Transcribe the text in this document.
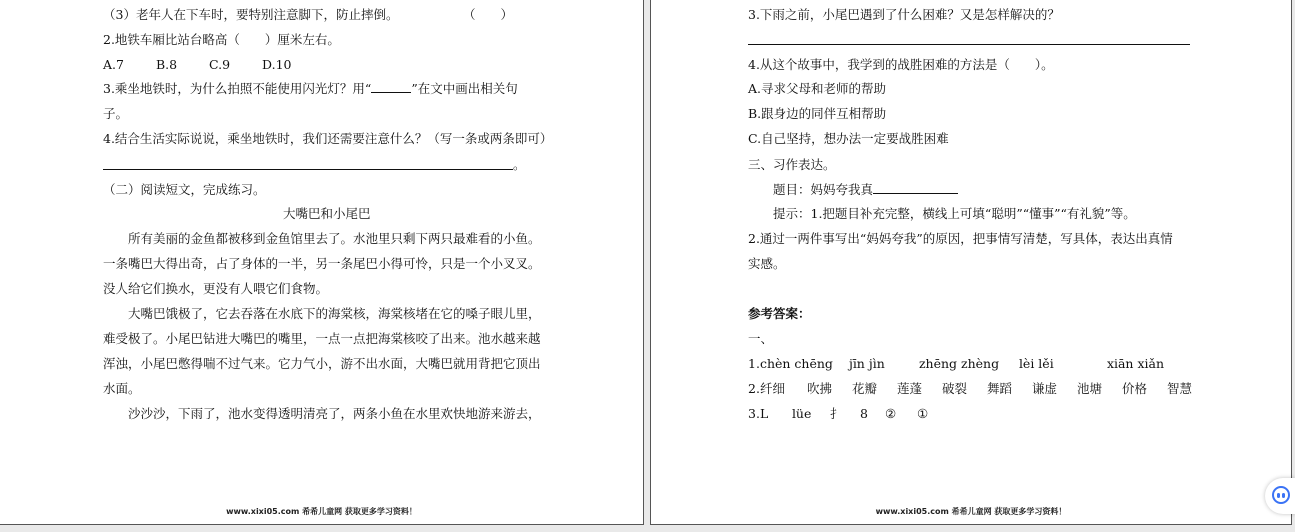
（3）老年人在下车时，要特别注意脚下，防止摔倒。	（　　）
2.地铁车厢比站台略高（　　）厘米左右。
A.7	B.8	C.9	D.10
3.乘坐地铁时，为什么拍照不能使用闪光灯？用“	”在文中画出相关句
子。
4.结合生活实际说说，乘坐地铁时，我们还需要注意什么？（写一条或两条即可）
。
（二）阅读短文，完成练习。
大嘴巴和小尾巴
所有美丽的金鱼都被移到金鱼馆里去了。水池里只剩下两只最难看的小鱼。
一条嘴巴大得出奇，占了身体的一半，另一条尾巴小得可怜，只是一个小叉叉。
没人给它们换水，更没有人喂它们食物。
大嘴巴饿极了，它去吞落在水底下的海棠核，海棠核堵在它的嗓子眼儿里，
难受极了。小尾巴钻进大嘴巴的嘴里，一点一点把海棠核咬了出来。池水越来越
浑浊，小尾巴憋得喘不过气来。它力气小，游不出水面，大嘴巴就用背把它顶出
水面。
沙沙沙，下雨了，池水变得透明清亮了，两条小鱼在水里欢快地游来游去，
www.xixi05.com 希希儿童网 获取更多学习资料！
3.下雨之前，小尾巴遇到了什么困难？又是怎样解决的？
4.从这个故事中，我学到的战胜困难的方法是（　　）。
A.寻求父母和老师的帮助
B.跟身边的同伴互相帮助
C.自己坚持，想办法一定要战胜困难
三、习作表达。
题目：妈妈夸我真
提示：1.把题目补充完整，横线上可填“聪明”“懂事”“有礼貌”等。
2.通过一两件事写出“妈妈夸我”的原因，把事情写清楚，写具体，表达出真情
实感。
参考答案：
一、
1.chèn chēng jīn jìn	zhēng zhèng lèi lěi	xiān xiǎn
2.纤细 吹拂 花瓣 莲蓬 破裂 舞蹈 谦虚 池塘 价格 智慧
3.L lüe 扌 8 ② ①
www.xixi05.com 希希儿童网 获取更多学习资料！
